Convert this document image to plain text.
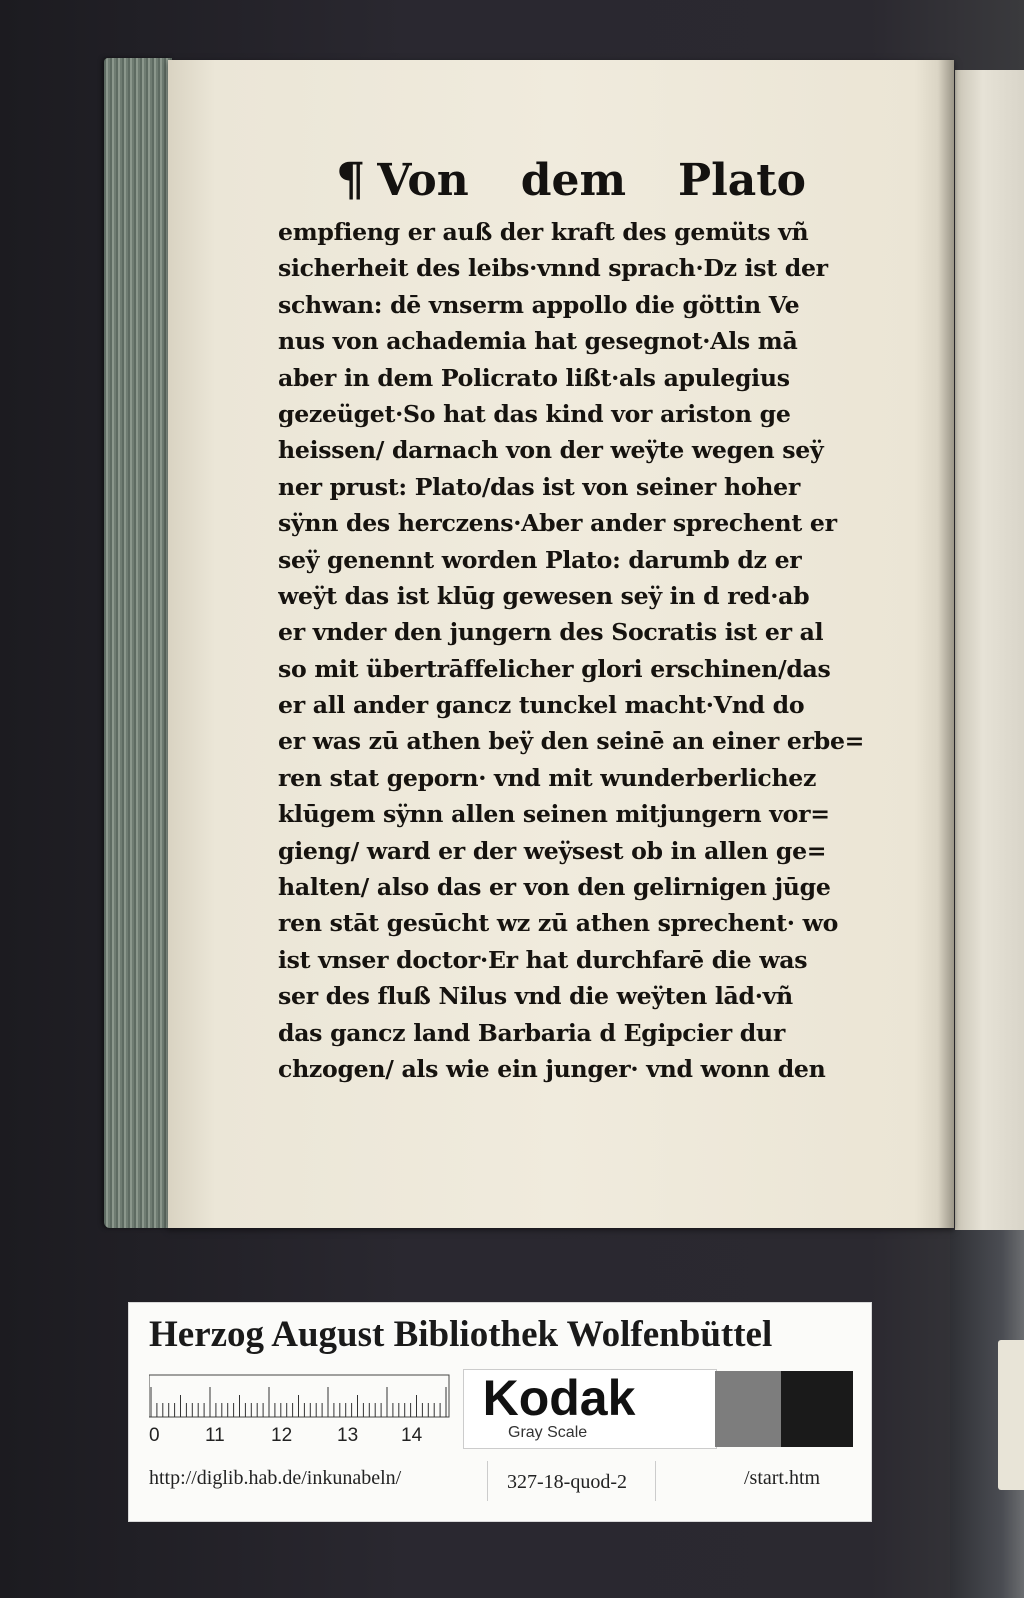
¶ Von dem Plato
empfieng er auß der kraft des gemüts vñ
sicherheit des leibs·vnnd sprach·Dz ist der
schwan: dē vnserm appollo die göttin Ve
nus von achademia hat gesegnot·Als mā
aber in dem Policrato lißt·als apulegius
gezeüget·So hat das kind vor ariston ge
heissen/ darnach von der weÿte wegen seÿ
ner prust: Plato/das ist von seiner hoher
sÿnn des herczens·Aber ander sprechent er
seÿ genennt worden Plato: darumb dz er
weÿt das ist klūg gewesen seÿ in d red·ab
er vnder den jungern des Socratis ist er al
so mit übertrāffelicher glori erschinen/das
er all ander gancz tunckel macht·Vnd do
er was zū athen beÿ den seinē an einer erbe=
ren stat geporn· vnd mit wunderberlichez
klūgem sÿnn allen seinen mitjungern vor=
gieng/ ward er der weÿsest ob in allen ge=
halten/ also das er von den gelirnigen jūge
ren stāt gesūcht wz zū athen sprechent· wo
ist vnser doctor·Er hat durchfarē die was
ser des fluß Nilus vnd die weÿten lād·vñ
das gancz land Barbaria d Egipcier dur
chzogen/ als wie ein junger· vnd wonn den
Herzog August Bibliothek Wolfenbüttel
0 11 12 13 14
Kodak
Gray Scale
http://diglib.hab.de/inkunabeln/	327-18-quod-2	/start.htm
